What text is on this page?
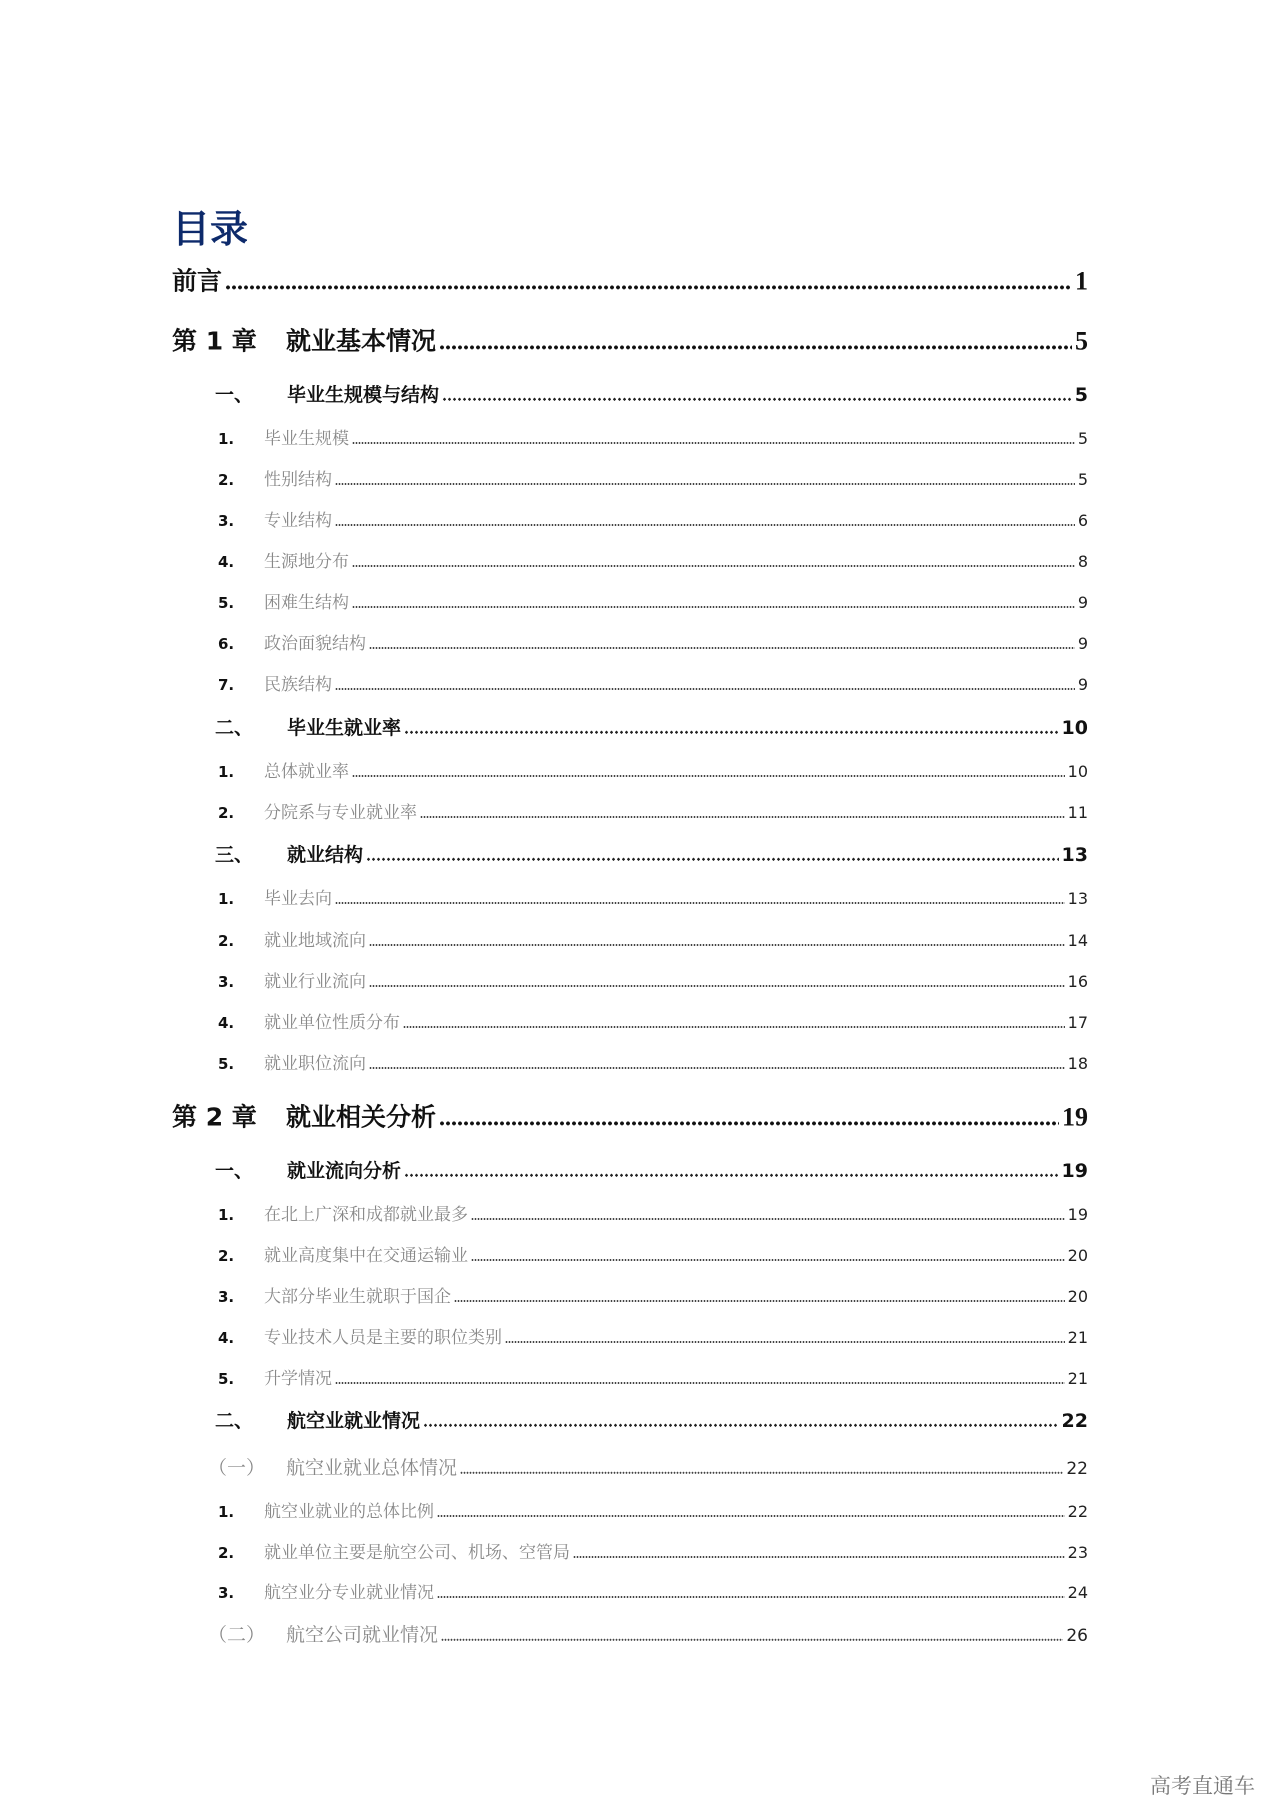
目录
前言	1
第 1 章	就业基本情况	5
一、	毕业生规模与结构	5
1.	毕业生规模	5
2.	性别结构	5
3.	专业结构	6
4.	生源地分布	8
5.	困难生结构	9
6.	政治面貌结构	9
7.	民族结构	9
二、	毕业生就业率	10
1.	总体就业率	10
2.	分院系与专业就业率	11
三、	就业结构	13
1.	毕业去向	13
2.	就业地域流向	14
3.	就业行业流向	16
4.	就业单位性质分布	17
5.	就业职位流向	18
第 2 章	就业相关分析	19
一、	就业流向分析	19
1.	在北上广深和成都就业最多	19
2.	就业高度集中在交通运输业	20
3.	大部分毕业生就职于国企	20
4.	专业技术人员是主要的职位类别	21
5.	升学情况	21
二、	航空业就业情况	22
（一）	航空业就业总体情况	22
1.	航空业就业的总体比例	22
2.	就业单位主要是航空公司、机场、空管局	23
3.	航空业分专业就业情况	24
（二）	航空公司就业情况	26
高考直通车
